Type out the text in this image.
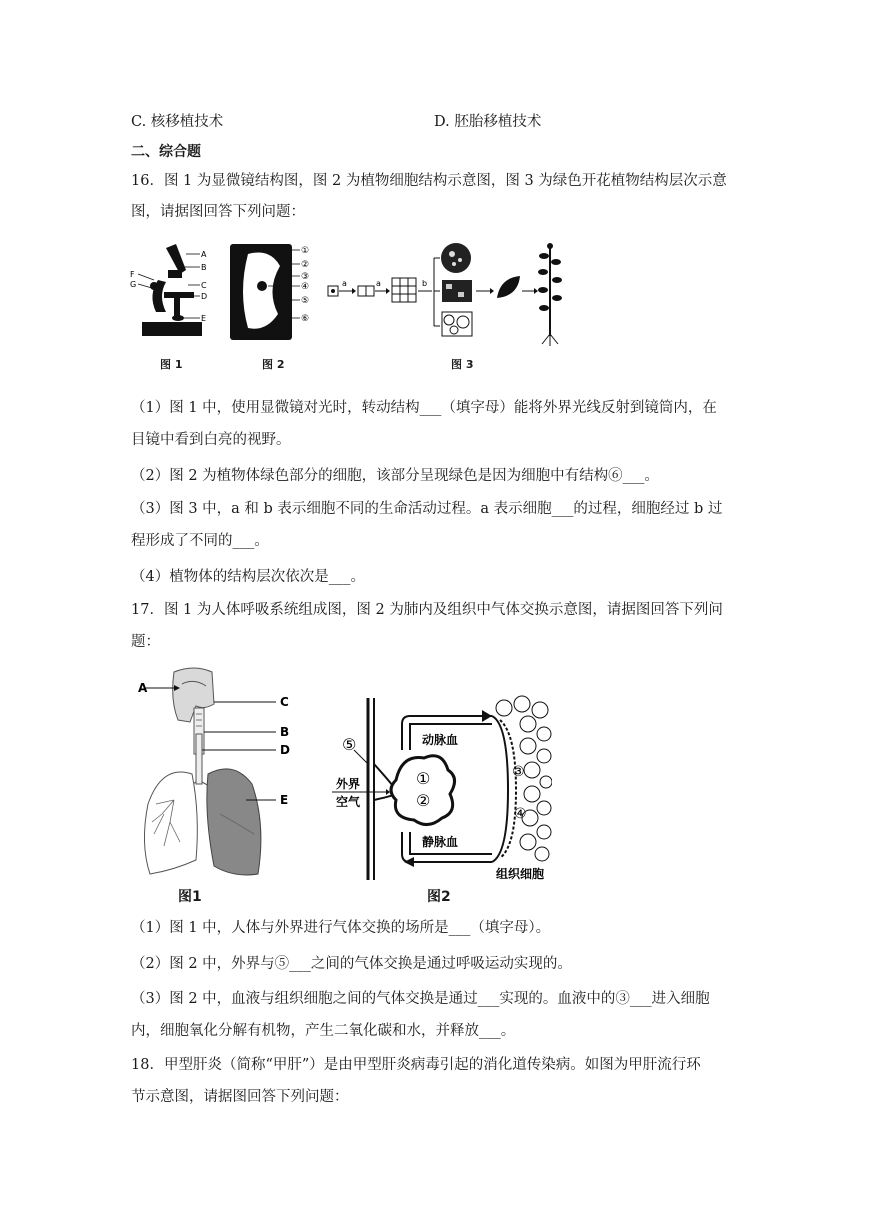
C. 核移植技术	D. 胚胎移植技术
二、综合题
16．图 1 为显微镜结构图，图 2 为植物细胞结构示意图，图 3 为绿色开花植物结构层次示意
图，请据图回答下列问题：
A
B
C
D
E
F
G
①
②
③
④
⑤
⑥
a	a	b
图 1	图 2	图 3
（1）图 1 中，使用显微镜对光时，转动结构___（填字母）能将外界光线反射到镜筒内，在
目镜中看到白亮的视野。
（2）图 2 为植物体绿色部分的细胞，该部分呈现绿色是因为细胞中有结构⑥___。
（3）图 3 中，a 和 b 表示细胞不同的生命活动过程。a 表示细胞___的过程，细胞经过 b 过
程形成了不同的___。
（4）植物体的结构层次依次是___。
17．图 1 为人体呼吸系统组成图，图 2 为肺内及组织中气体交换示意图，请据图回答下列问
题：
A
B
C
D
E
⑤
①
②
③
④
动脉血
静脉血
外界
空气
组织细胞
图1	图2
（1）图 1 中，人体与外界进行气体交换的场所是___（填字母）。
（2）图 2 中，外界与⑤___之间的气体交换是通过呼吸运动实现的。
（3）图 2 中，血液与组织细胞之间的气体交换是通过___实现的。血液中的③___进入细胞
内，细胞氧化分解有机物，产生二氧化碳和水，并释放___。
18．甲型肝炎（简称“甲肝”）是由甲型肝炎病毒引起的消化道传染病。如图为甲肝流行环
节示意图，请据图回答下列问题：
